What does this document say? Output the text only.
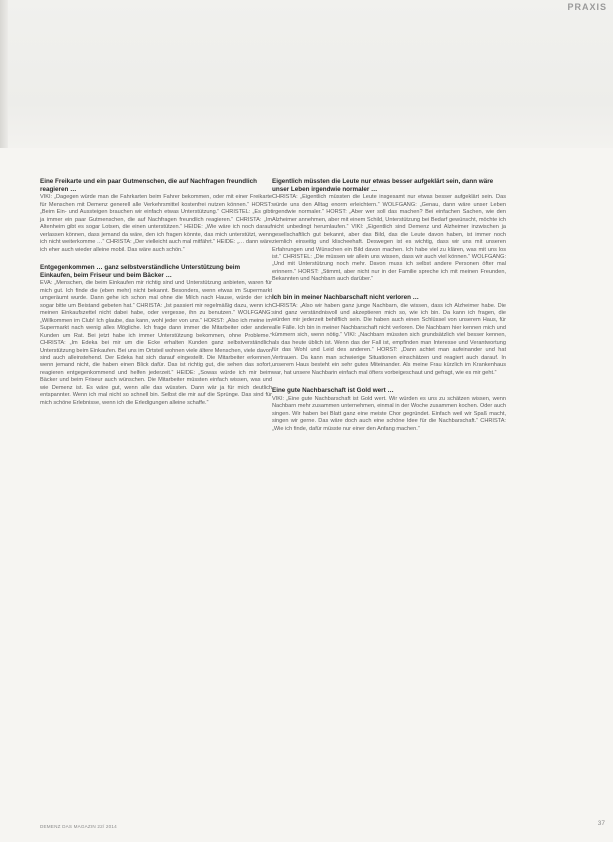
PRAXIS
Eine Freikarte und ein paar Gutmenschen, die auf Nachfragen freundlich reagieren …
VIKI: „Dagegen würde man die Fahrkarten beim Fahrer bekommen, oder mit einer Freikarte für Menschen mit Demenz generell alle Verkehrsmittel kostenfrei nutzen können.“ HORST: „Beim Ein- und Aussteigen brauchen wir einfach etwas Unterstützung.“ CHRISTEL: „Es gibt ja immer ein paar Gutmenschen, die auf Nachfragen freundlich reagieren.“ CHRISTA: „Im Altenheim gibt es sogar Lotsen, die einen unterstützen.“ HEIDE: „Wie wäre ich noch darauf verlassen können, dass jemand da wäre, den ich fragen könnte, das mich unterstützt, wenn ich nicht weiterkomme …“ CHRISTA: „Der vielleicht auch mal mitfährt.“ HEIDE: „… dann wäre ich eher auch wieder alleine mobil. Das wäre auch schön.“
Entgegenkommen … ganz selbstverständliche Unterstützung beim Einkaufen, beim Friseur und beim Bäcker …
EVA: „Menschen, die beim Einkaufen mir richtig sind und Unterstützung anbieten, waren für mich gut. Ich finde die (eben mehr) nicht bekannt. Besonders, wenn etwas im Supermarkt umgeräumt wurde. Dann gehe ich schon mal ohne die Milch nach Hause, würde der ich sogar bitte um Beistand gebeten hat.“ CHRISTA: „Ist passiert mir regelmäßig dazu, wenn ich meinen Einkaufszettel nicht dabei habe, oder vergesse, ihn zu benutzen.“ WOLFGANG: „Willkommen im Club! Ich glaube, das kann, wohl jeder von uns.“ HORST: „Also ich meine im Supermarkt nach wenig alles Mögliche. Ich frage dann immer die Mitarbeiter oder andere Kunden um Rat. Bei jetzt habe ich immer Unterstützung bekommen, ohne Probleme.“ CHRISTA: „Im Edeka bei mir um die Ecke erhalten Kunden ganz selbstverständlich Unterstützung beim Einkaufen. Bei uns im Ortsteil wohnen viele ältere Menschen, viele davon sind auch alleinstehend. Der Edeka hat sich darauf eingestellt. Die Mitarbeiter erkennen, wenn jemand nicht, die haben einen Blick dafür. Das ist richtig gut, die sehen das sofort, reagieren entgegenkommend und helfen jederzeit.“ HEIDE: „Sowas würde ich mir beim Bäcker und beim Friseur auch wünschen. Die Mitarbeiter müssten einfach wissen, was und wie Demenz ist. Es wäre gut, wenn alle das wüssten. Dann wär ja für mich deutlich entspannter. Wenn ich mal nicht so schnell bin. Selbst die mir auf die Sprünge. Das sind für mich schöne Erlebnisse, wenn ich die Erledigungen alleine schaffe.“
Eigentlich müssten die Leute nur etwas besser aufgeklärt sein, dann wäre unser Leben irgendwie normaler …
CHRISTA: „Eigentlich müssten die Leute insgesamt nur etwas besser aufgeklärt sein. Das würde uns den Alltag enorm erleichtern.“ WOLFGANG: „Genau, dann wäre unser Leben irgendwie normaler.“ HORST: „Aber wer soll das machen? Bei einfachen Sachen, wie den Alzheimer annehmen, aber mit einem Schild, Unterstützung bei Bedarf gewünscht, möchte ich nicht unbedingt herumlaufen.“ VIKI: „Eigentlich sind Demenz und Alzheimer inzwischen ja gesellschaftlich gut bekannt, aber das Bild, das die Leute davon haben, ist immer noch ziemlich einseitig und klischeehaft. Deswegen ist es wichtig, dass wir uns mit unseren Erfahrungen und Wünschen ein Bild davon machen. Ich habe viel zu klären, was mit uns los ist.“ CHRISTEL: „Die müssen wir allein uns wissen, dass wir auch viel können.“ WOLFGANG: „Und mit Unterstützung noch mehr. Davon muss ich selbst andere Personen öfter mal erinnern.“ HORST: „Stimmt, aber nicht nur in der Familie spreche ich mit meinen Freunden, Bekannten und Nachbarn auch darüber.“
Ich bin in meiner Nachbarschaft nicht verloren …
CHRISTA: „Also wir haben ganz junge Nachbarn, die wissen, dass ich Alzheimer habe. Die sind ganz verständnisvoll und akzeptieren mich so, wie ich bin. Da kann ich fragen, die würden mir jederzeit behilflich sein. Die haben auch einen Schlüssel von unserem Haus, für alle Fälle. Ich bin in meiner Nachbarschaft nicht verloren. Die Nachbarn hier kennen mich und kümmern sich, wenn nötig.“ VIKI: „Nachbarn müssten sich grundsätzlich viel besser kennen, als das heute üblich ist. Wenn das der Fall ist, empfinden man Interesse und Verantwortung für das Wohl und Leid des anderen.“ HORST: „Dann achtet man aufeinander und hat Vertrauen. Da kann man schwierige Situationen einschätzen und reagiert auch darauf. In unserem Haus besteht ein sehr gutes Miteinander. Als meine Frau kürzlich im Krankenhaus war, hat unsere Nachbarin einfach mal öfters vorbeigeschaut und gefragt, wie es mir geht.“
Eine gute Nachbarschaft ist Gold wert …
VIKI: „Eine gute Nachbarschaft ist Gold wert. Wir würden es uns zu schätzen wissen, wenn Nachbarn mehr zusammen unternehmen, einmal in der Woche zusammen kochen. Oder auch singen. Wir haben bei Blatt ganz eine meiste Chor gegründet. Einfach weil wir Spaß macht, singen wir gerne. Das wäre doch auch eine schöne Idee für die Nachbarschaft.“ CHRISTA: „Wie ich finde, dafür müsste nur einer den Anfang machen.“
DEMENZ DAS MAGAZIN 22/ 2014	37
